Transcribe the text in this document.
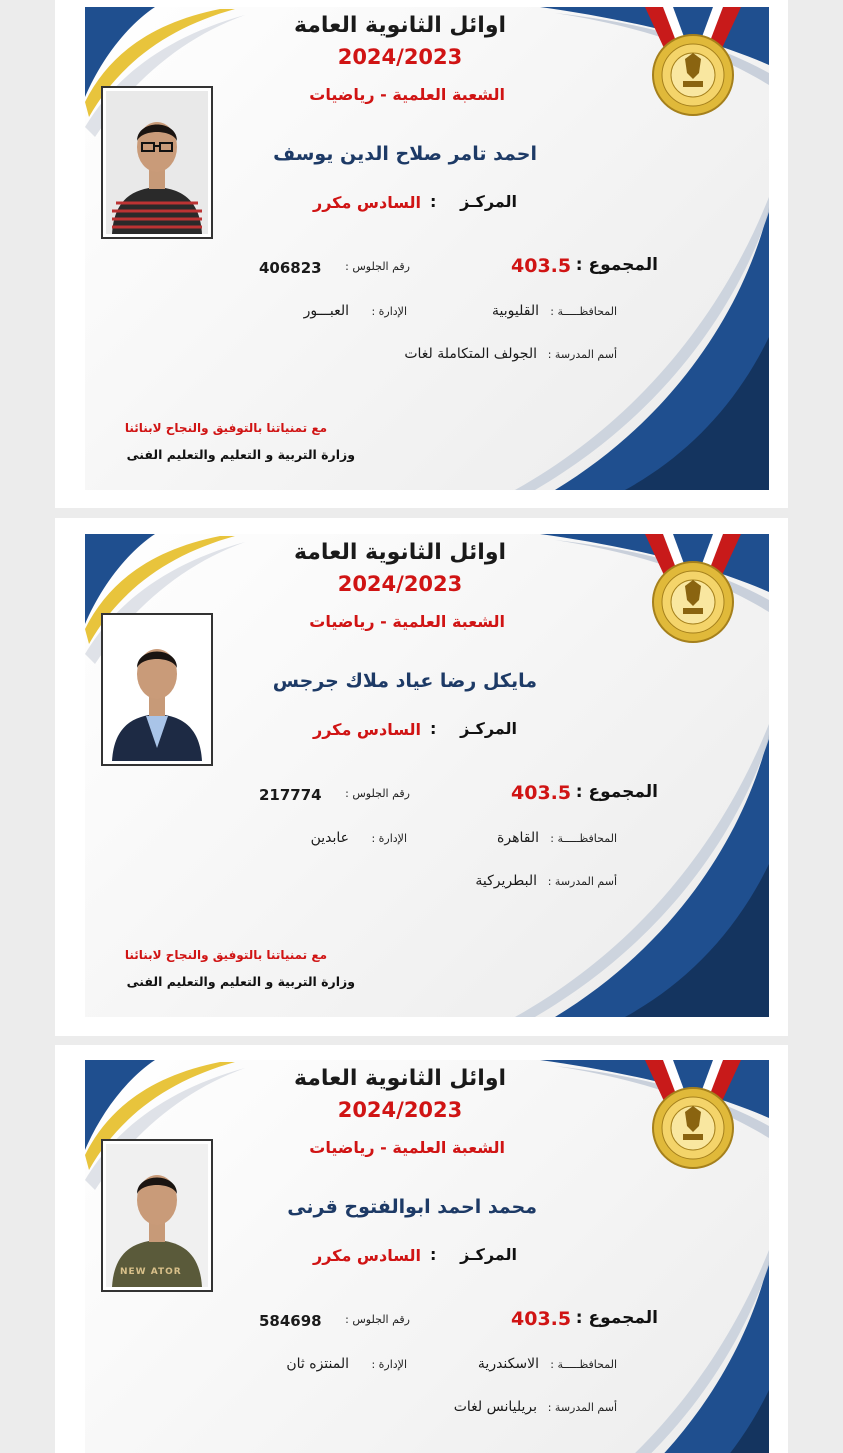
اوائل الثانوية العامة
2024/2023
الشعبة العلمية - رياضيات
احمد تامر صلاح الدين يوسف
المركـز
:
السادس مكرر
المجموع :
403.5
رقم الجلوس :
406823
المحافظـــــة :
القليوبية
الإدارة :
العبـــور
أسم المدرسة :
الجولف المتكاملة لغات
مع تمنياتنا بالتوفيق والنجاح لابنائنا
وزارة التربية و التعليم والتعليم الفنى
اوائل الثانوية العامة
2024/2023
الشعبة العلمية - رياضيات
مايكل رضا عياد ملاك جرجس
المركـز
:
السادس مكرر
المجموع :
403.5
رقم الجلوس :
217774
المحافظـــــة :
القاهرة
الإدارة :
عابدين
أسم المدرسة :
البطريركية
مع تمنياتنا بالتوفيق والنجاح لابنائنا
وزارة التربية و التعليم والتعليم الفنى
اوائل الثانوية العامة
2024/2023
الشعبة العلمية - رياضيات
NEW ATOR
محمد احمد ابوالفتوح قرنى
المركـز
:
السادس مكرر
المجموع :
403.5
رقم الجلوس :
584698
المحافظـــــة :
الاسكندرية
الإدارة :
المنتزه ثان
أسم المدرسة :
بريليانس لغات
